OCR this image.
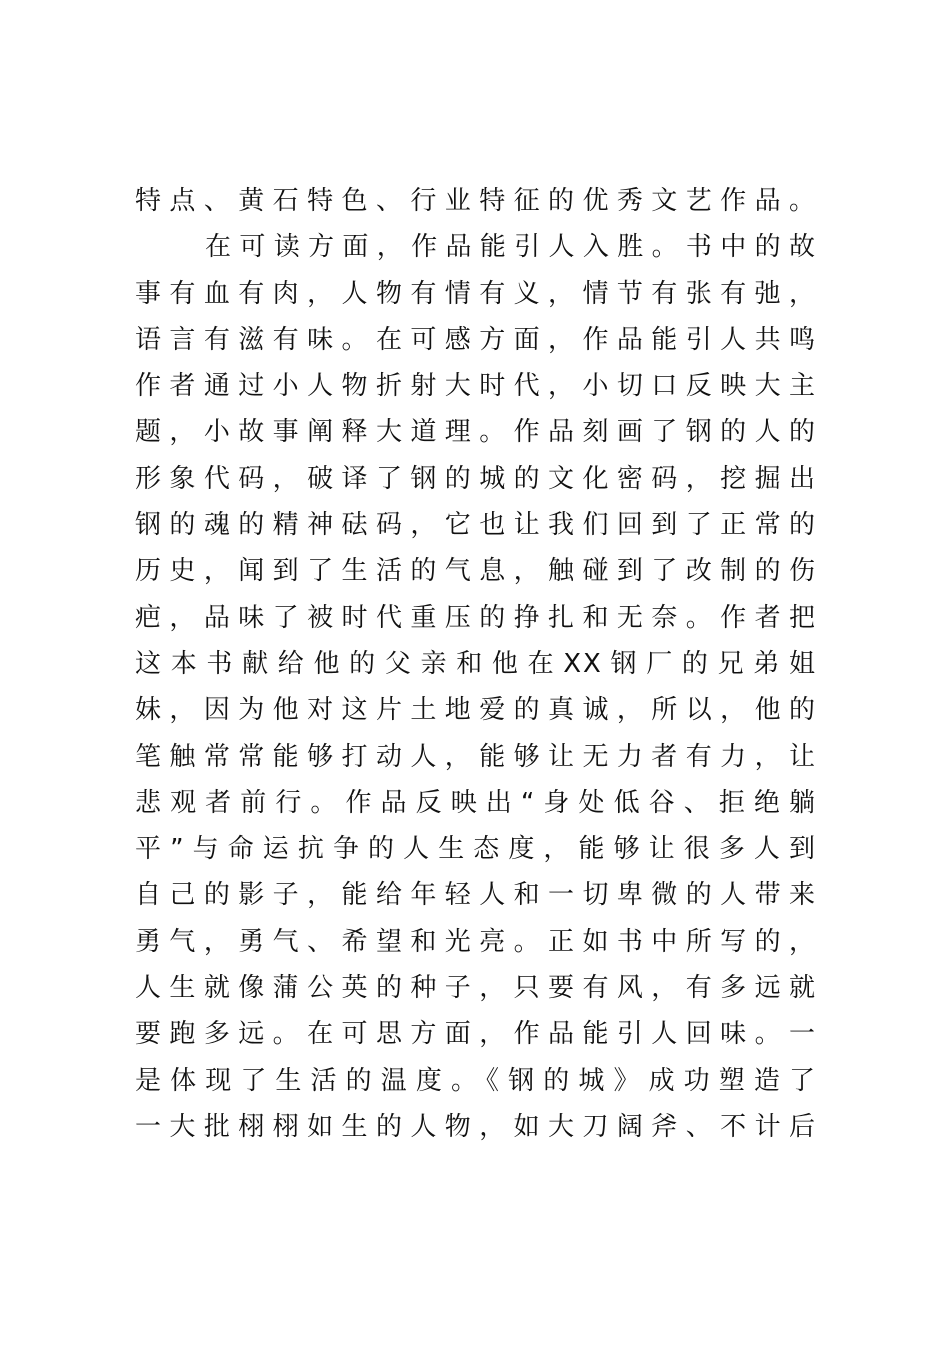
特点、黄石特色、行业特征的优秀文艺作品。
在可读方面，作品能引人入胜。书中的故
事有血有肉，人物有情有义，情节有张有弛，
语言有滋有味。在可感方面，作品能引人共鸣
作者通过小人物折射大时代，小切口反映大主
题，小故事阐释大道理。作品刻画了钢的人的
形象代码，破译了钢的城的文化密码，挖掘出
钢的魂的精神砝码，它也让我们回到了正常的
历史，闻到了生活的气息，触碰到了改制的伤
疤，品味了被时代重压的挣扎和无奈。作者把
这本书献给他的父亲和他在XX钢厂的兄弟姐
妹，因为他对这片土地爱的真诚，所以，他的
笔触常常能够打动人，能够让无力者有力，让
悲观者前行。作品反映出“身处低谷、拒绝躺
平”与命运抗争的人生态度，能够让很多人到
自己的影子，能给年轻人和一切卑微的人带来
勇气，勇气、希望和光亮。正如书中所写的，
人生就像蒲公英的种子，只要有风，有多远就
要跑多远。在可思方面，作品能引人回味。一
是体现了生活的温度。《钢的城》成功塑造了
一大批栩栩如生的人物，如大刀阔斧、不计后
